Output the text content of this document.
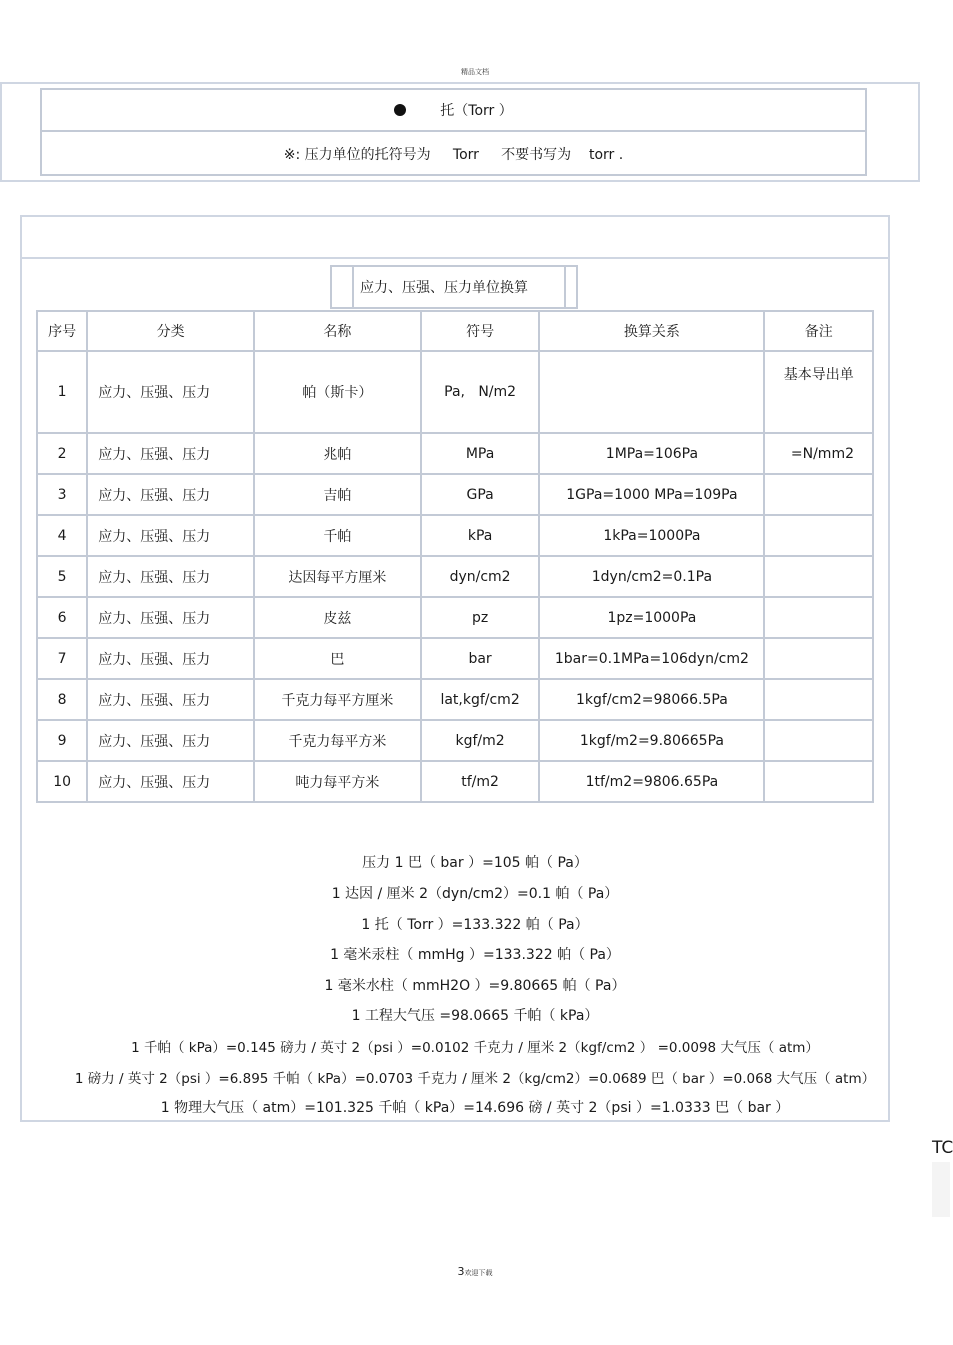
精品文档
托（Torr ）
※: 压力单位的托符号为     Torr     不要书写为    torr .
应力、压强、压力单位换算
序号	分类	名称	符号	换算关系	备注
1	应力、压强、压力	帕（斯卡）	Pa,   N/m2		基本导出单
2	应力、压强、压力	兆帕	MPa	1MPa=106Pa	=N/mm2
3	应力、压强、压力	吉帕	GPa	1GPa=1000 MPa=109Pa	
4	应力、压强、压力	千帕	kPa	1kPa=1000Pa	
5	应力、压强、压力	达因每平方厘米	dyn/cm2	1dyn/cm2=0.1Pa	
6	应力、压强、压力	皮兹	pz	1pz=1000Pa	
7	应力、压强、压力	巴	bar	1bar=0.1MPa=106dyn/cm2	
8	应力、压强、压力	千克力每平方厘米	lat,kgf/cm2	1kgf/cm2=98066.5Pa	
9	应力、压强、压力	千克力每平方米	kgf/m2	1kgf/m2=9.80665Pa	
10	应力、压强、压力	吨力每平方米	tf/m2	1tf/m2=9806.65Pa	
压力 1 巴（ bar ）=105 帕（ Pa）
1 达因 / 厘米 2（dyn/cm2）=0.1 帕（ Pa）
1 托（ Torr ）=133.322 帕（ Pa）
1 毫米汞柱（ mmHg ）=133.322 帕（ Pa）
1 毫米水柱（ mmH2O ）=9.80665 帕（ Pa）
1 工程大气压 =98.0665 千帕（ kPa）
1 千帕（ kPa）=0.145 磅力 / 英寸 2（psi ）=0.0102 千克力 / 厘米 2（kgf/cm2 ） =0.0098 大气压（ atm）
1 磅力 / 英寸 2（psi ）=6.895 千帕（ kPa）=0.0703 千克力 / 厘米 2（kg/cm2）=0.0689 巴（ bar ）=0.068 大气压（ atm）
1 物理大气压（ atm）=101.325 千帕（ kPa）=14.696 磅 / 英寸 2（psi ）=1.0333 巴（ bar ）
TC
3欢迎下载
